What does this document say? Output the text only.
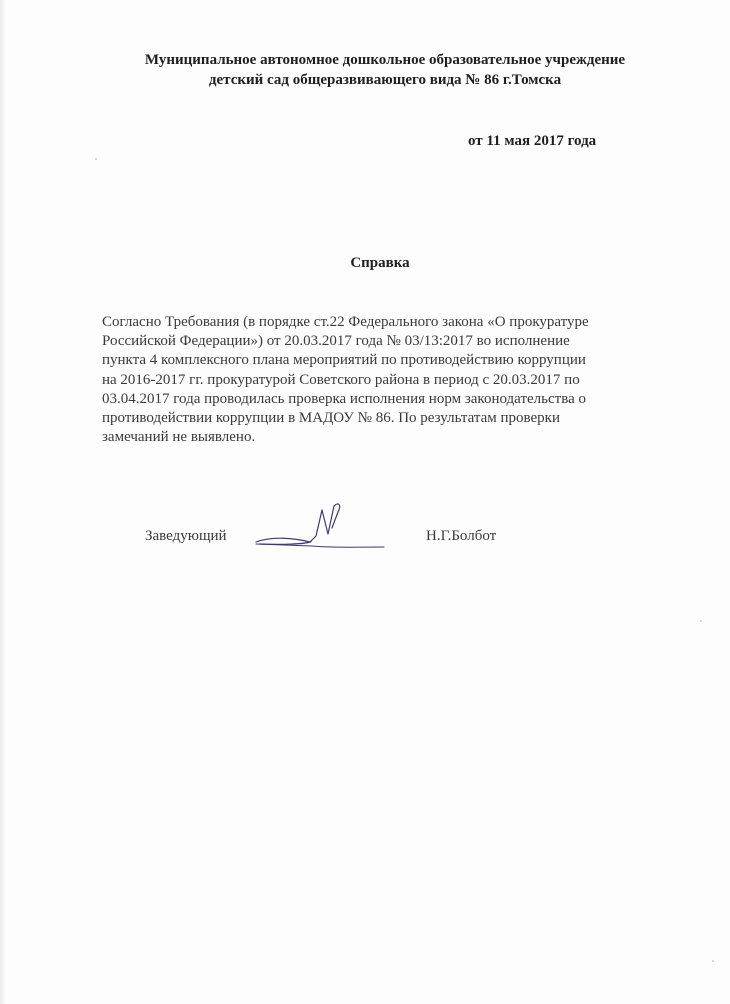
Муниципальное автономное дошкольное образовательное учреждение
детский сад общеразвивающего вида № 86 г.Томска
от 11 мая 2017 года
Справка
Согласно Требования (в порядке ст.22 Федерального закона «О прокуратуре
Российской Федерации») от 20.03.2017 года № 03/13:2017 во исполнение
пункта 4 комплексного плана мероприятий по противодействию коррупции
на 2016-2017 гг. прокуратурой Советского района в период с 20.03.2017 по
03.04.2017 года проводилась проверка исполнения норм законодательства о
противодействии коррупции в МАДОУ № 86. По результатам проверки
замечаний не выявлено.
Заведующий	Н.Г.Болбот
